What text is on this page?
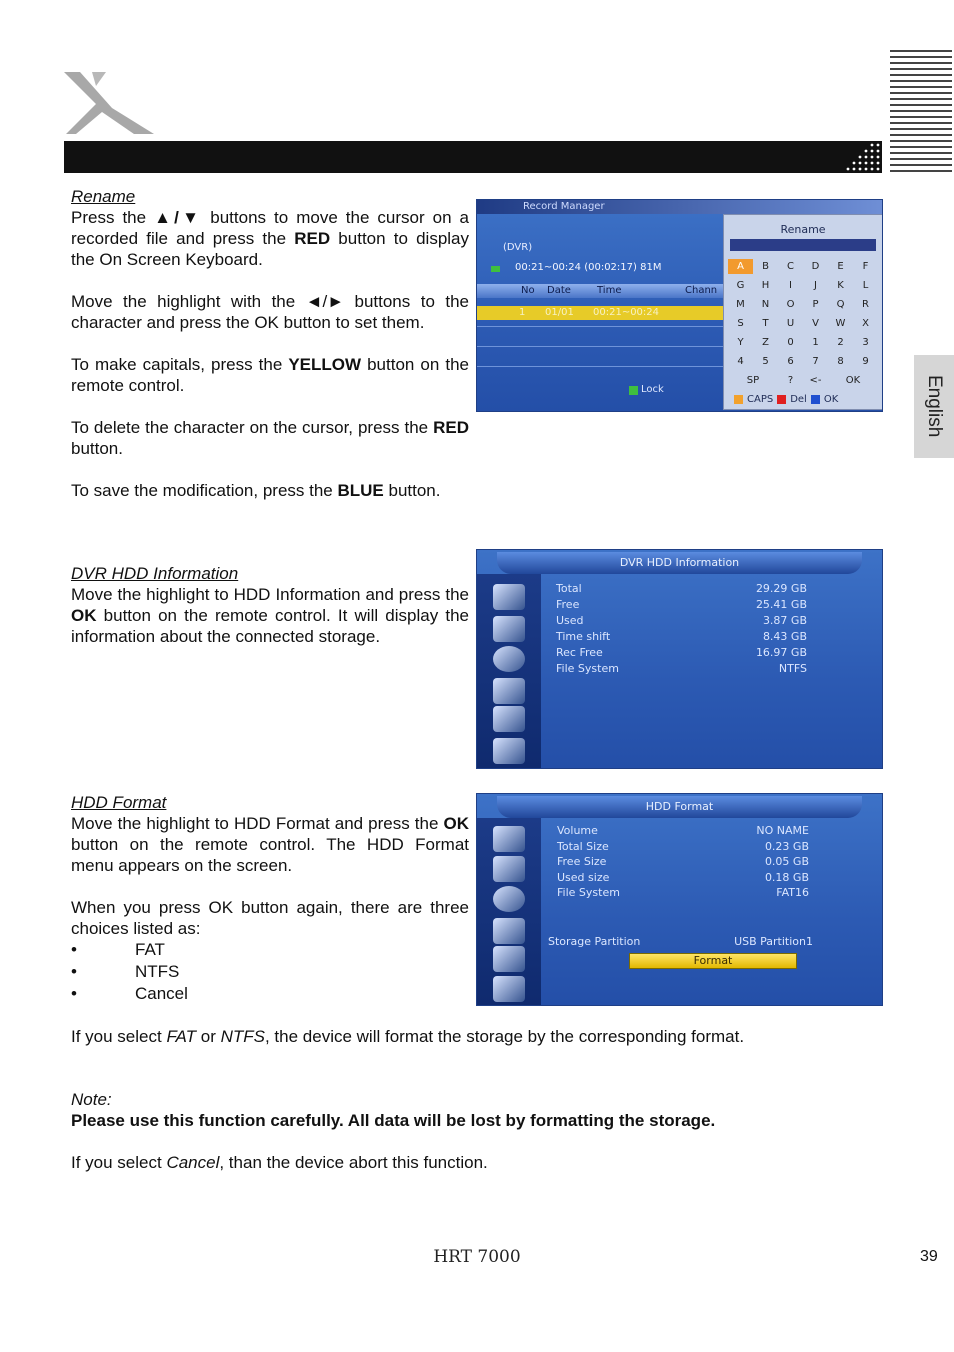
English
Rename

Press the ▲/▼ buttons to move the cursor on a recorded file and press the RED button to display the On Screen Keyboard.

Move the highlight with the ◄/► buttons to the character and press the OK button to set them.

To make capitals, press the YELLOW button on the remote control.

To delete the character on the cursor, press the RED button.

To save the modification, press the BLUE button.

Record Manager
(DVR)
00:21~00:24 (00:02:17) 81M
No Date	Time	Chann
1 01/01 00:21~00:24
Lock
Rename
A	B	C	D	E	F
G	H	I	J	K	L
M	N	O	P	Q	R
S	T	U	V	W	X
Y	Z	0	1	2	3
4	5	6	7	8	9
SP	?	<-	OK
CAPS Del OK
DVR HDD Information

Move the highlight to HDD Information and press the OK button on the remote control. It will display the information about the connected storage.

DVR HDD Information
Total	29.29 GB
Free	25.41 GB
Used	3.87 GB
Time shift	8.43 GB
Rec Free	16.97 GB
File System	NTFS
HDD Format

Move the highlight to HDD Format and press the OK button on the remote control. The HDD Format menu appears on the screen.

When you press OK button again, there are three choices listed as:

•	FAT
•	NTFS
•	Cancel
HDD Format
Volume	NO NAME
Total Size	0.23 GB
Free Size	0.05 GB
Used size	0.18 GB
File System	FAT16
Storage Partition	USB Partition1
Format
If you select FAT or NTFS, the device will format the storage by the corresponding format.
Note:
Please use this function carefully. All data will be lost by formatting the storage.
If you select Cancel, than the device abort this function.
HRT 7000	39
